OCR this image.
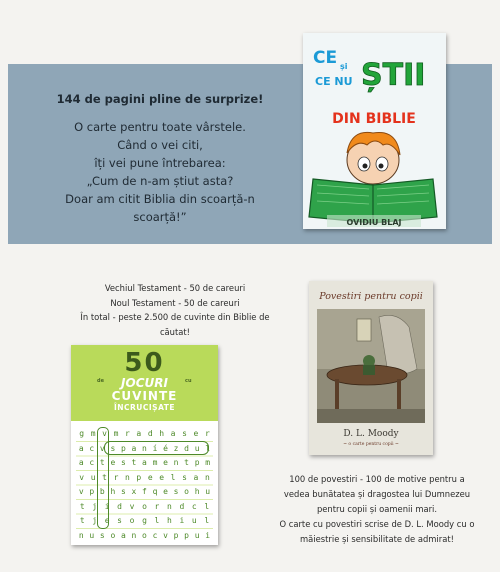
144 de pagini pline de surprize!
O carte pentru toate vârstele.
Când o vei citi,
îți vei pune întrebarea:
„Cum de n-am știut asta?
Doar am citit Biblia din scoarță-n
scoarță!”
CE și
CE NU ȘTII
DIN BIBLIE
OVIDIU BLAJ
Vechiul Testament - 50 de careuri
Noul Testament - 50 de careuri
În total - peste 2.500 de cuvinte din Biblie de căutat!
50
de	cu
JOCURI
CUVINTE
ÎNCRUCIȘATE
g m v m r a d h a s e r
a c v s p a n í é z d u l
a c t e s t a m e n t p m
v u t r n p e e l s a n
v p b h s x f q e s o h u
t j i d v o r n d c l
t j e s o g l h i u l
n u s o a n o c v p p u i
Povestiri pentru copii
D. L. Moody
~ o carte pentru copii ~
100 de povestiri - 100 de motive pentru a
vedea bunătatea și dragostea lui Dumnezeu
pentru copii și oamenii mari.
O carte cu povestiri scrise de D. L. Moody cu o
măiestrie și sensibilitate de admirat!
